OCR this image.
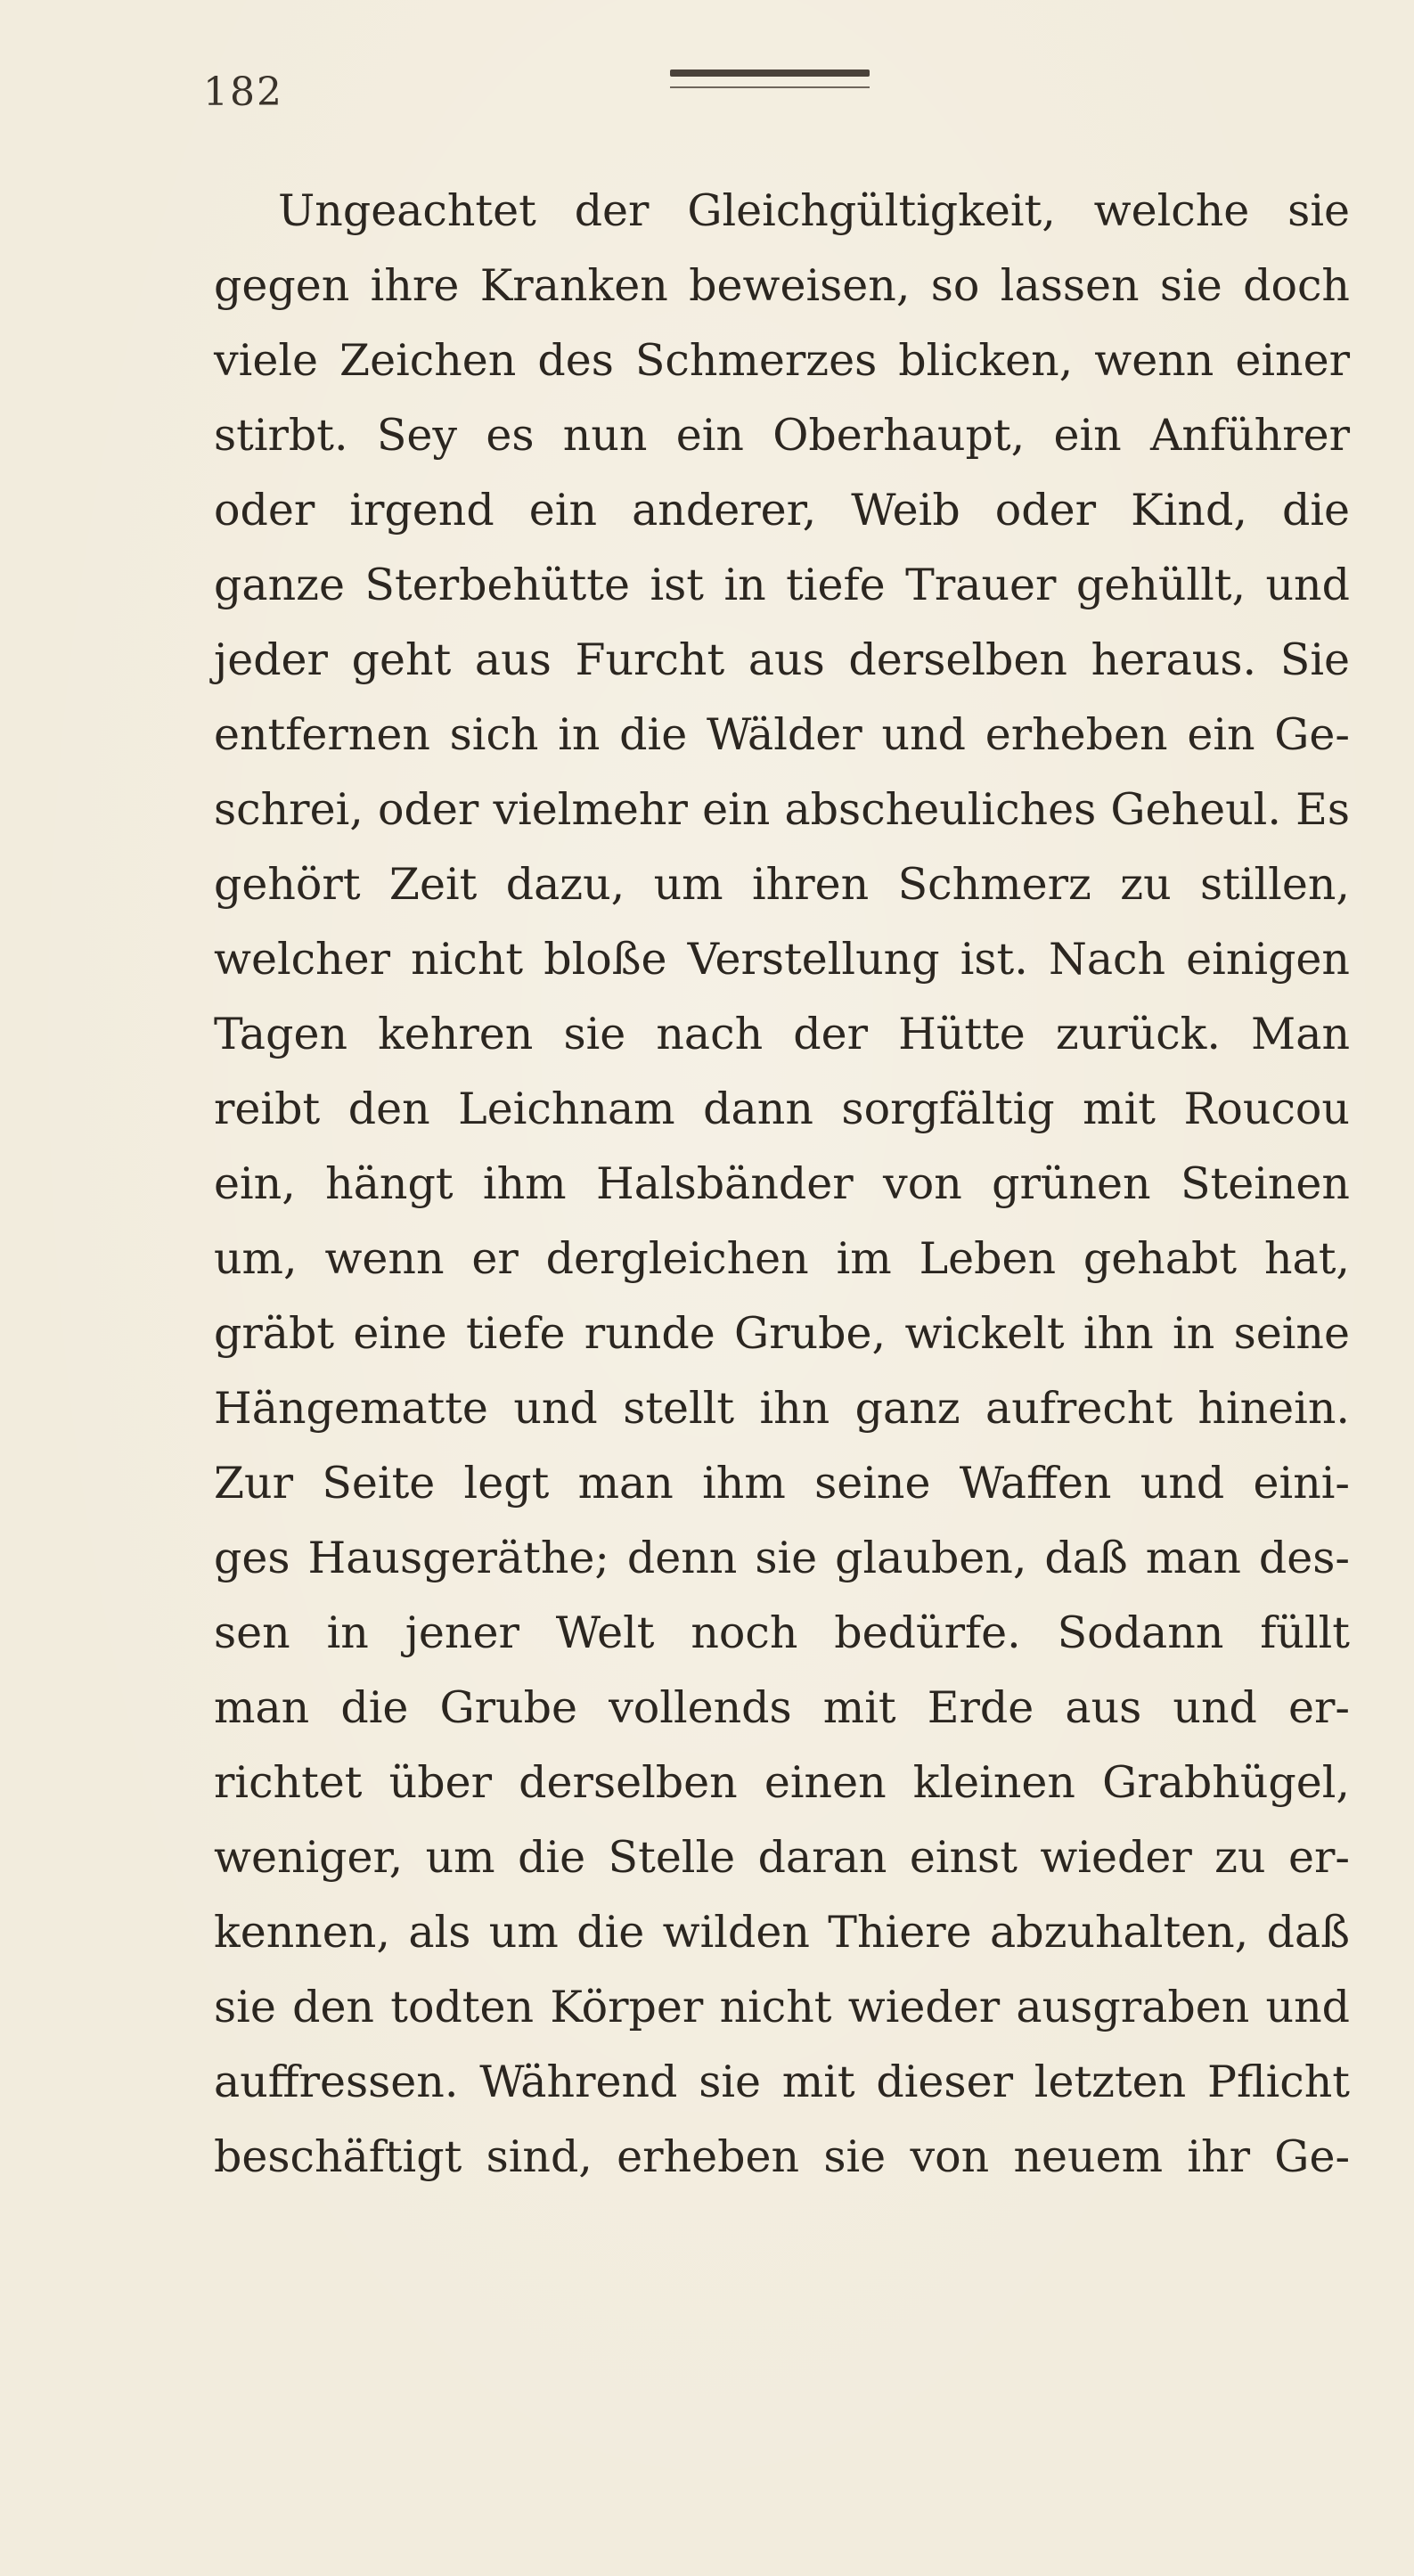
182
Ungeachtet der Gleichgültigkeit, welche sie
gegen ihre Kranken beweisen, so lassen sie doch
viele Zeichen des Schmerzes blicken, wenn einer
stirbt. Sey es nun ein Oberhaupt, ein Anführer
oder irgend ein anderer, Weib oder Kind, die
ganze Sterbehütte ist in tiefe Trauer gehüllt, und
jeder geht aus Furcht aus derselben heraus. Sie
entfernen sich in die Wälder und erheben ein Ge-
schrei, oder vielmehr ein abscheuliches Geheul. Es
gehört Zeit dazu, um ihren Schmerz zu stillen,
welcher nicht bloße Verstellung ist. Nach einigen
Tagen kehren sie nach der Hütte zurück. Man
reibt den Leichnam dann sorgfältig mit Roucou
ein, hängt ihm Halsbänder von grünen Steinen
um, wenn er dergleichen im Leben gehabt hat,
gräbt eine tiefe runde Grube, wickelt ihn in seine
Hängematte und stellt ihn ganz aufrecht hinein.
Zur Seite legt man ihm seine Waffen und eini-
ges Hausgeräthe; denn sie glauben, daß man des-
sen in jener Welt noch bedürfe. Sodann füllt
man die Grube vollends mit Erde aus und er-
richtet über derselben einen kleinen Grabhügel,
weniger, um die Stelle daran einst wieder zu er-
kennen, als um die wilden Thiere abzuhalten, daß
sie den todten Körper nicht wieder ausgraben und
auffressen. Während sie mit dieser letzten Pflicht
beschäftigt sind, erheben sie von neuem ihr Ge-
